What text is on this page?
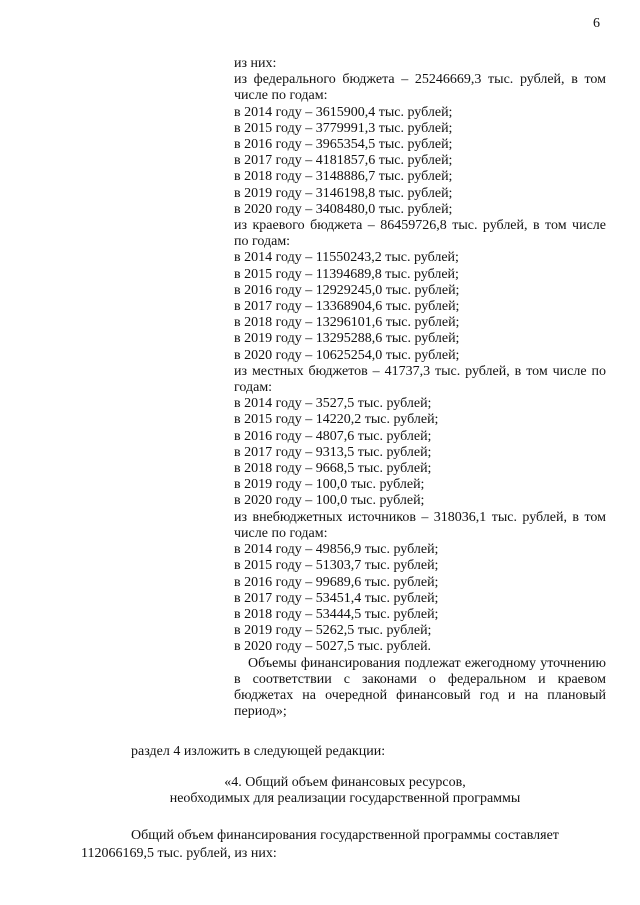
6
из них:
из федерального бюджета – 25246669,3 тыс. рублей, в том числе по годам:
в 2014 году – 3615900,4 тыс. рублей;
в 2015 году – 3779991,3 тыс. рублей;
в 2016 году – 3965354,5 тыс. рублей;
в 2017 году – 4181857,6 тыс. рублей;
в 2018 году – 3148886,7 тыс. рублей;
в 2019 году – 3146198,8 тыс. рублей;
в 2020 году – 3408480,0 тыс. рублей;
из краевого бюджета – 86459726,8 тыс. рублей, в том числе по годам:
в 2014 году – 11550243,2 тыс. рублей;
в 2015 году – 11394689,8 тыс. рублей;
в 2016 году – 12929245,0 тыс. рублей;
в 2017 году – 13368904,6 тыс. рублей;
в 2018 году – 13296101,6 тыс. рублей;
в 2019 году – 13295288,6 тыс. рублей;
в 2020 году – 10625254,0 тыс. рублей;
из местных бюджетов – 41737,3 тыс. рублей, в том числе по годам:
в 2014 году – 3527,5 тыс. рублей;
в 2015 году – 14220,2 тыс. рублей;
в 2016 году – 4807,6 тыс. рублей;
в 2017 году – 9313,5 тыс. рублей;
в 2018 году – 9668,5 тыс. рублей;
в 2019 году – 100,0 тыс. рублей;
в 2020 году – 100,0 тыс. рублей;
из внебюджетных источников – 318036,1 тыс. рублей, в том числе по годам:
в 2014 году – 49856,9 тыс. рублей;
в 2015 году – 51303,7 тыс. рублей;
в 2016 году – 99689,6 тыс. рублей;
в 2017 году – 53451,4 тыс. рублей;
в 2018 году – 53444,5 тыс. рублей;
в 2019 году – 5262,5 тыс. рублей;
в 2020 году – 5027,5 тыс. рублей.
Объемы финансирования подлежат ежегодному уточнению в соответствии с законами о федеральном и краевом бюджетах на очередной финансовый год и на плановый период»;
раздел 4 изложить в следующей редакции:
«4. Общий объем финансовых ресурсов,
необходимых для реализации государственной программы
Общий объем финансирования государственной программы составляет
112066169,5 тыс. рублей, из них:
